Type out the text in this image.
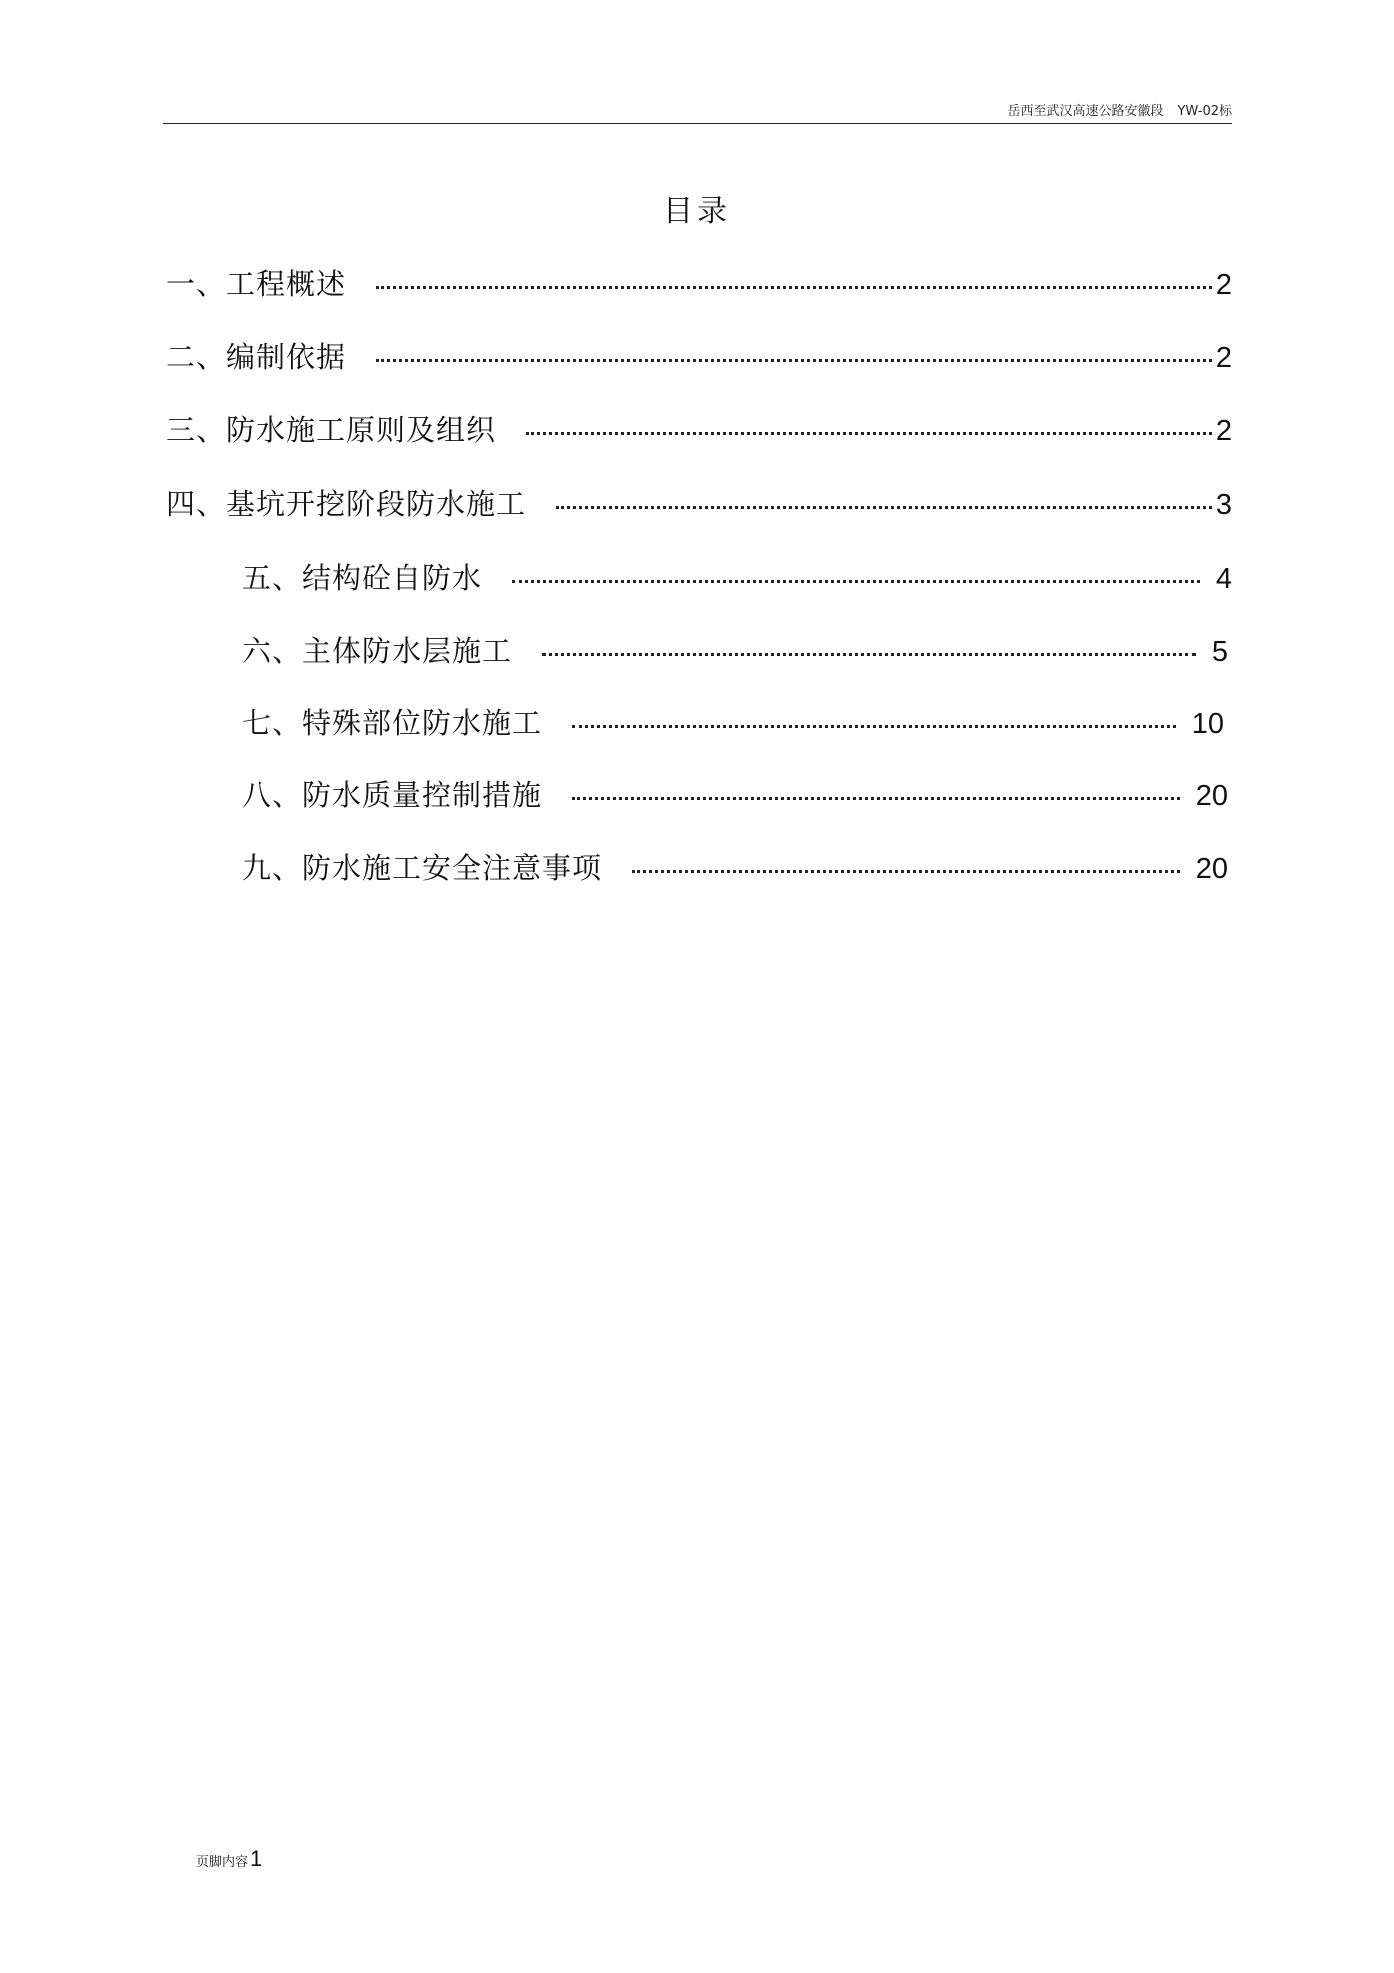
岳西至武汉高速公路安徽段 YW-02标
目录
一、工程概述	2
二、编制依据	2
三、防水施工原则及组织	2
四、基坑开挖阶段防水施工	3
五、结构砼自防水	4
六、主体防水层施工	5
七、特殊部位防水施工	10
八、防水质量控制措施	20
九、防水施工安全注意事项	20
页脚内容1
